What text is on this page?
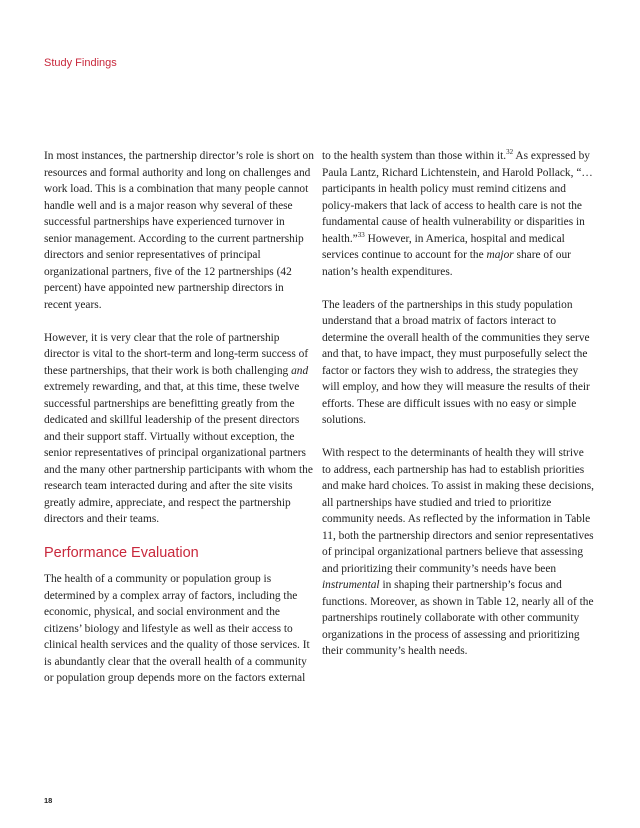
Study Findings

In most instances, the partnership director’s role is short on resources and formal authority and long on challenges and work load. This is a combination that many people cannot handle well and is a major reason why several of these successful partnerships have experienced turnover in senior management. According to the current partnership directors and senior representatives of principal organizational partners, five of the 12 partnerships (42 percent) have appointed new partnership directors in recent years.

However, it is very clear that the role of partnership director is vital to the short-term and long-term success of these partnerships, that their work is both challenging and extremely rewarding, and that, at this time, these twelve successful partnerships are benefitting greatly from the dedicated and skillful leadership of the present directors and their support staff. Virtually without exception, the senior representatives of principal organizational partners and the many other partnership participants with whom the research team interacted during and after the site visits greatly admire, appreciate, and respect the partnership directors and their teams.

Performance Evaluation

The health of a community or population group is determined by a complex array of factors, including the economic, physical, and social environment and the citizens’ biology and lifestyle as well as their access to clinical health services and the quality of those services. It is abundantly clear that the overall health of a community or population group depends more on the factors external

to the health system than those within it.$^{32}$ As expressed by Paula Lantz, Richard Lichtenstein, and Harold Pollack, “…participants in health policy must remind citizens and policy-makers that lack of access to health care is not the fundamental cause of health vulnerability or disparities in health.”$^{33}$ However, in America, hospital and medical services continue to account for the major share of our nation’s health expenditures.

The leaders of the partnerships in this study population understand that a broad matrix of factors interact to determine the overall health of the communities they serve and that, to have impact, they must purposefully select the factor or factors they wish to address, the strategies they will employ, and how they will measure the results of their efforts. These are difficult issues with no easy or simple solutions.

With respect to the determinants of health they will strive to address, each partnership has had to establish priorities and make hard choices. To assist in making these decisions, all partnerships have studied and tried to prioritize community needs. As reflected by the information in Table 11, both the partnership directors and senior representatives of principal organizational partners believe that assessing and prioritizing their community’s needs have been instrumental in shaping their partnership’s focus and functions. Moreover, as shown in Table 12, nearly all of the partnerships routinely collaborate with other community organizations in the process of assessing and prioritizing their community’s health needs.

18
